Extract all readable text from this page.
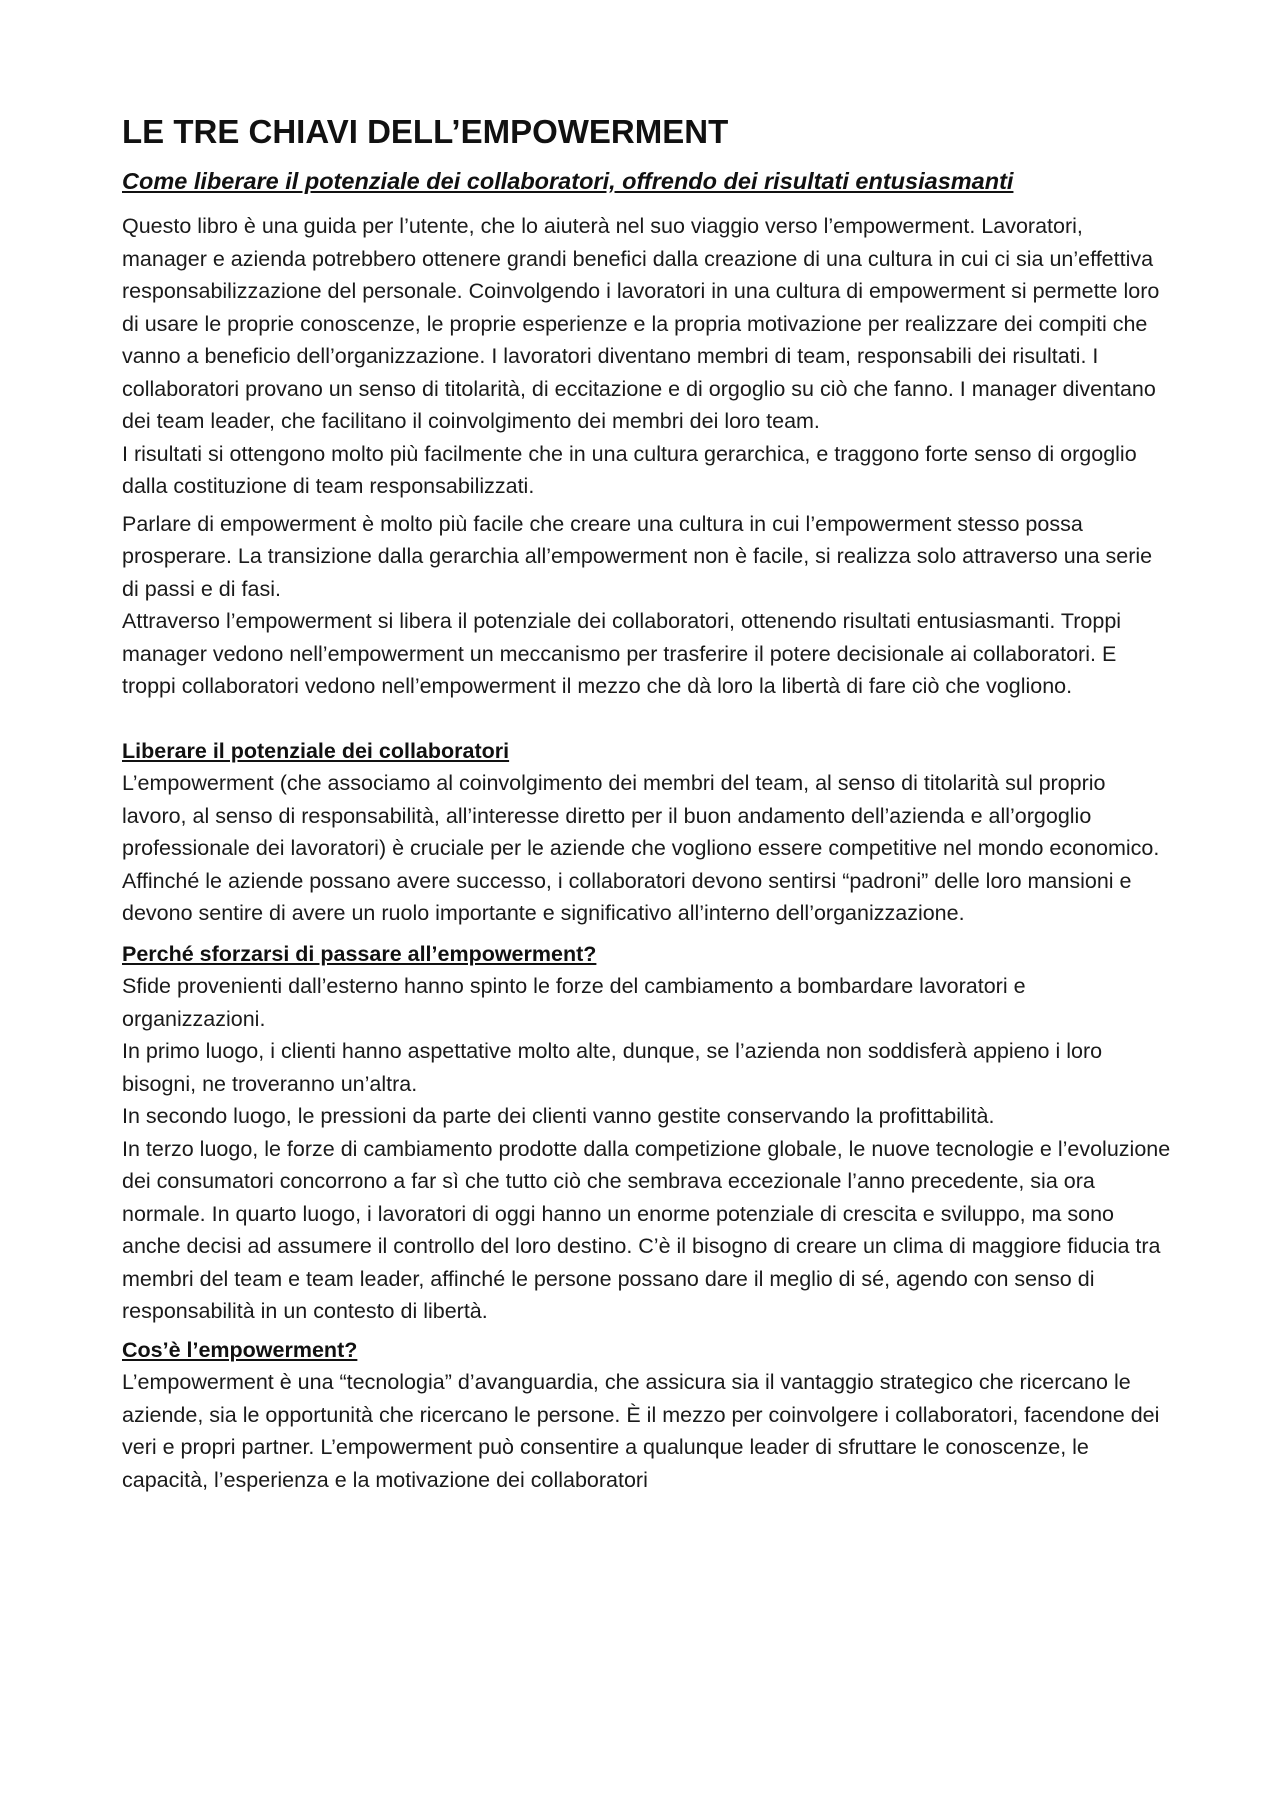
LE TRE CHIAVI DELL’EMPOWERMENT
Come liberare il potenziale dei collaboratori, offrendo dei risultati entusiasmanti

Questo libro è una guida per l’utente, che lo aiuterà nel suo viaggio verso l’empowerment. Lavoratori, manager e azienda potrebbero ottenere grandi benefici dalla creazione di una cultura in cui ci sia un’effettiva responsabilizzazione del personale. Coinvolgendo i lavoratori in una cultura di empowerment si permette loro di usare le proprie conoscenze, le proprie esperienze e la propria motivazione per realizzare dei compiti che vanno a beneficio dell’organizzazione. I lavoratori diventano membri di team, responsabili dei risultati. I collaboratori provano un senso di titolarità, di eccitazione e di orgoglio su ciò che fanno. I manager diventano dei team leader, che facilitano il coinvolgimento dei membri dei loro team.

I risultati si ottengono molto più facilmente che in una cultura gerarchica, e traggono forte senso di orgoglio dalla costituzione di team responsabilizzati.

Parlare di empowerment è molto più facile che creare una cultura in cui l’empowerment stesso possa prosperare. La transizione dalla gerarchia all’empowerment non è facile, si realizza solo attraverso una serie di passi e di fasi.

Attraverso l’empowerment si libera il potenziale dei collaboratori, ottenendo risultati entusiasmanti. Troppi manager vedono nell’empowerment un meccanismo per trasferire il potere decisionale ai collaboratori. E troppi collaboratori vedono nell’empowerment il mezzo che dà loro la libertà di fare ciò che vogliono.

Liberare il potenziale dei collaboratori

L’empowerment (che associamo al coinvolgimento dei membri del team, al senso di titolarità sul proprio lavoro, al senso di responsabilità, all’interesse diretto per il buon andamento dell’azienda e all’orgoglio professionale dei lavoratori) è cruciale per le aziende che vogliono essere competitive nel mondo economico.

Affinché le aziende possano avere successo, i collaboratori devono sentirsi “padroni” delle loro mansioni e devono sentire di avere un ruolo importante e significativo all’interno dell’organizzazione.

Perché sforzarsi di passare all’empowerment?

Sfide provenienti dall’esterno hanno spinto le forze del cambiamento a bombardare lavoratori e organizzazioni.

In primo luogo, i clienti hanno aspettative molto alte, dunque, se l’azienda non soddisferà appieno i loro bisogni, ne troveranno un’altra.

In secondo luogo, le pressioni da parte dei clienti vanno gestite conservando la profittabilità.

In terzo luogo, le forze di cambiamento prodotte dalla competizione globale, le nuove tecnologie e l’evoluzione dei consumatori concorrono a far sì che tutto ciò che sembrava eccezionale l’anno precedente, sia ora normale. In quarto luogo, i lavoratori di oggi hanno un enorme potenziale di crescita e sviluppo, ma sono anche decisi ad assumere il controllo del loro destino. C’è il bisogno di creare un clima di maggiore fiducia tra membri del team e team leader, affinché le persone possano dare il meglio di sé, agendo con senso di responsabilità in un contesto di libertà.

Cos’è l’empowerment?

L’empowerment è una “tecnologia” d’avanguardia, che assicura sia il vantaggio strategico che ricercano le aziende, sia le opportunità che ricercano le persone. È il mezzo per coinvolgere i collaboratori, facendone dei veri e propri partner. L’empowerment può consentire a qualunque leader di sfruttare le conoscenze, le capacità, l’esperienza e la motivazione dei collaboratori
